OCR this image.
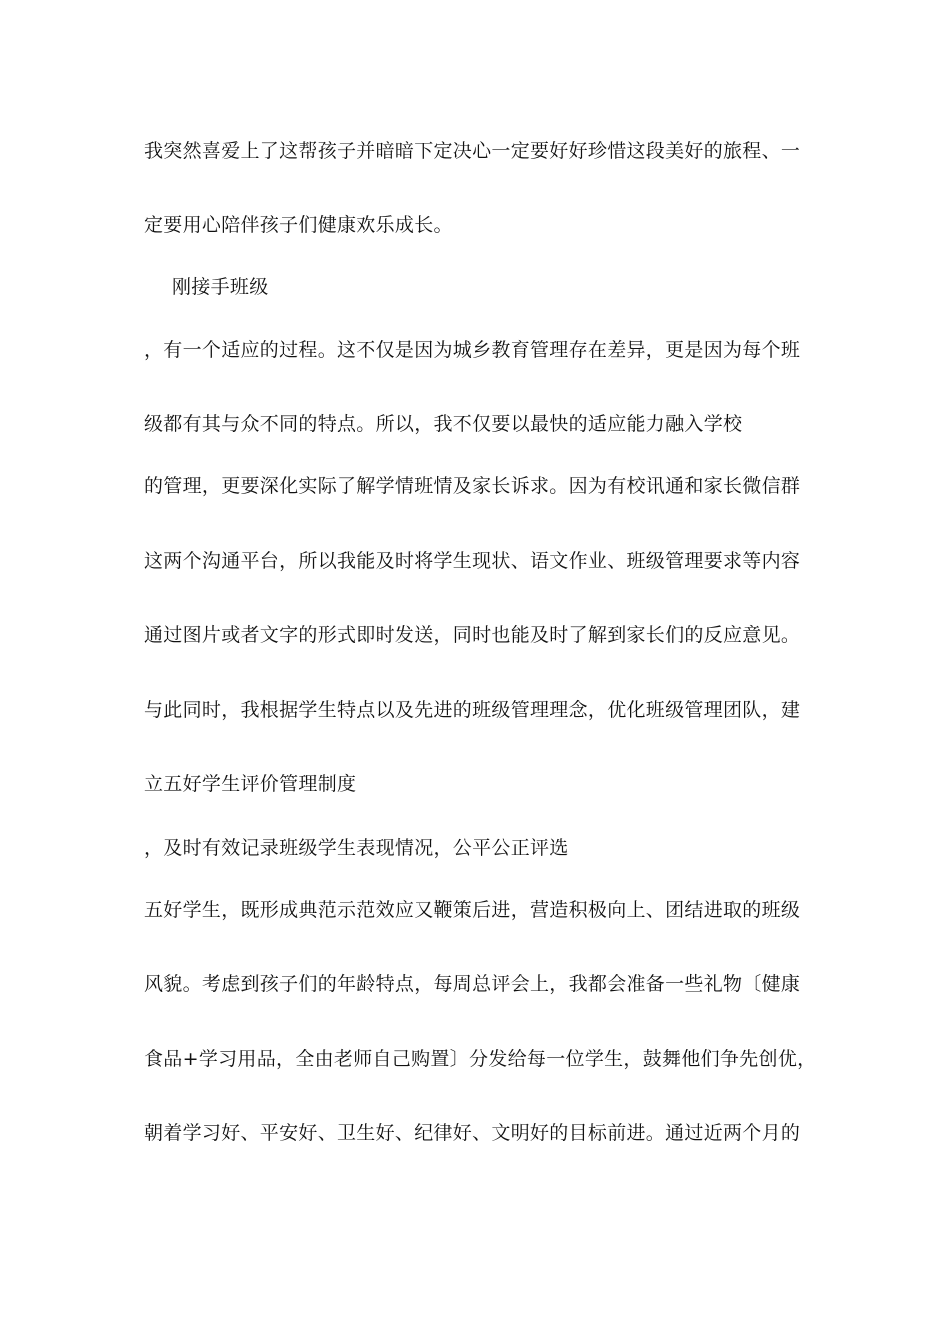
我突然喜爱上了这帮孩子并暗暗下定决心一定要好好珍惜这段美好的旅程、一
定要用心陪伴孩子们健康欢乐成长。
刚接手班级
，有一个适应的过程。这不仅是因为城乡教育管理存在差异，更是因为每个班
级都有其与众不同的特点。所以，我不仅要以最快的适应能力融入学校
的管理，更要深化实际了解学情班情及家长诉求。因为有校讯通和家长微信群
这两个沟通平台，所以我能及时将学生现状、语文作业、班级管理要求等内容
通过图片或者文字的形式即时发送，同时也能及时了解到家长们的反应意见。
与此同时，我根据学生特点以及先进的班级管理理念，优化班级管理团队，建
立五好学生评价管理制度
，及时有效记录班级学生表现情况，公平公正评选
五好学生，既形成典范示范效应又鞭策后进，营造积极向上、团结进取的班级
风貌。考虑到孩子们的年龄特点，每周总评会上，我都会准备一些礼物〔健康
食品+学习用品，全由老师自己购置〕分发给每一位学生，鼓舞他们争先创优，
朝着学习好、平安好、卫生好、纪律好、文明好的目标前进。通过近两个月的
